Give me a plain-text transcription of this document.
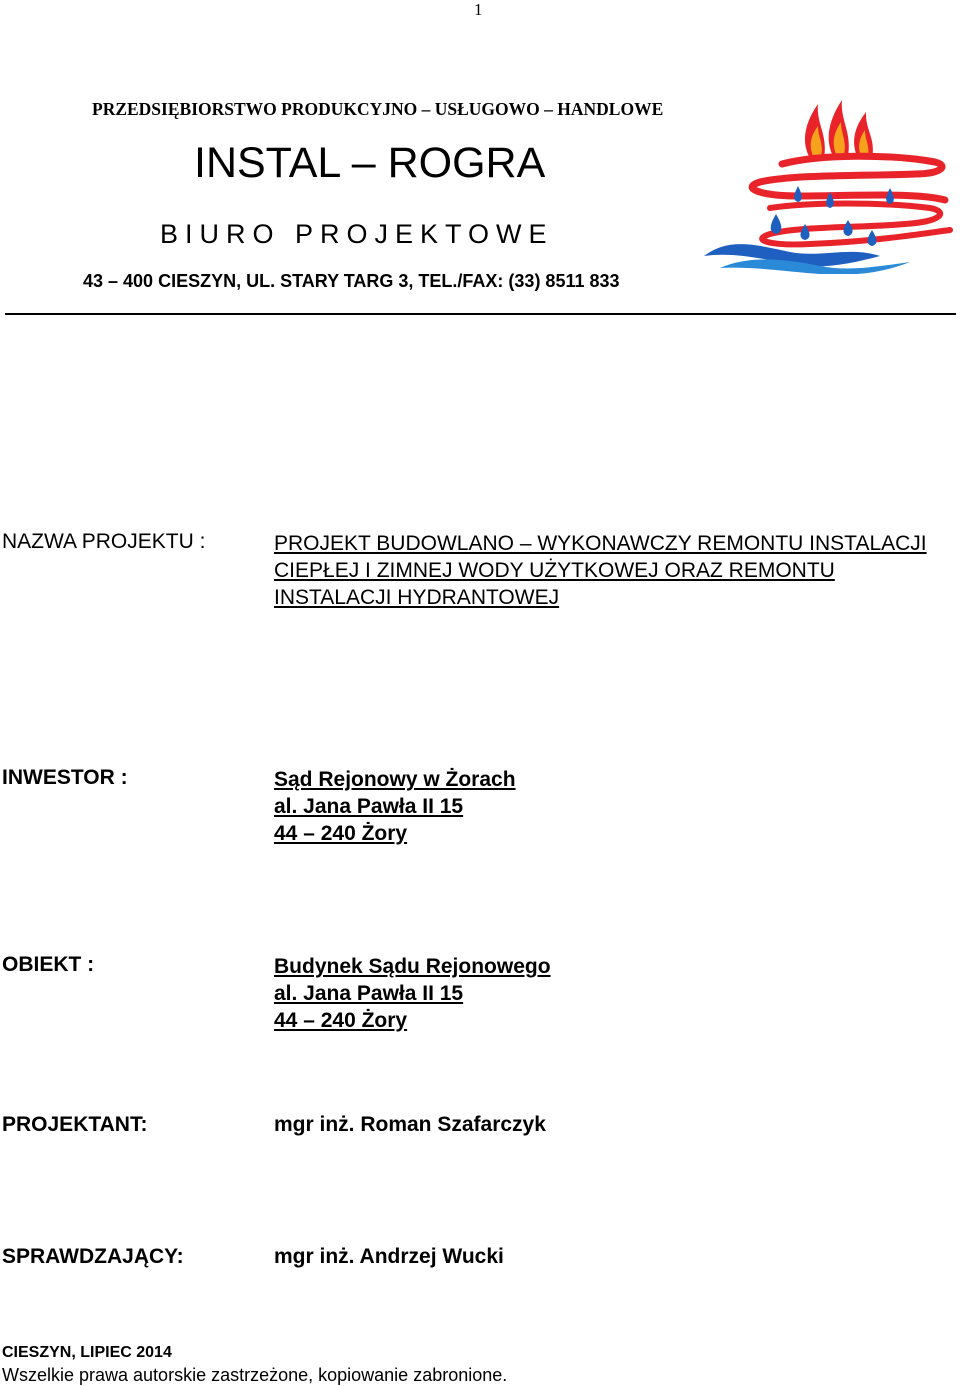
1
PRZEDSIĘBIORSTWO PRODUKCYJNO – USŁUGOWO – HANDLOWE
INSTAL – ROGRA
BIURO PROJEKTOWE
43 – 400 CIESZYN, UL. STARY TARG 3, TEL./FAX: (33) 8511 833
NAZWA PROJEKTU :	PROJEKT BUDOWLANO – WYKONAWCZY REMONTU INSTALACJI
CIEPŁEJ I ZIMNEJ WODY UŻYTKOWEJ ORAZ REMONTU
INSTALACJI HYDRANTOWEJ
INWESTOR :	Sąd Rejonowy w Żorach
al. Jana Pawła II 15
44 – 240 Żory
OBIEKT :	Budynek Sądu Rejonowego
al. Jana Pawła II 15
44 – 240 Żory
PROJEKTANT:	mgr inż. Roman Szafarczyk
SPRAWDZAJĄCY:	mgr inż. Andrzej Wucki
CIESZYN, LIPIEC 2014
Wszelkie prawa autorskie zastrzeżone, kopiowanie zabronione.
